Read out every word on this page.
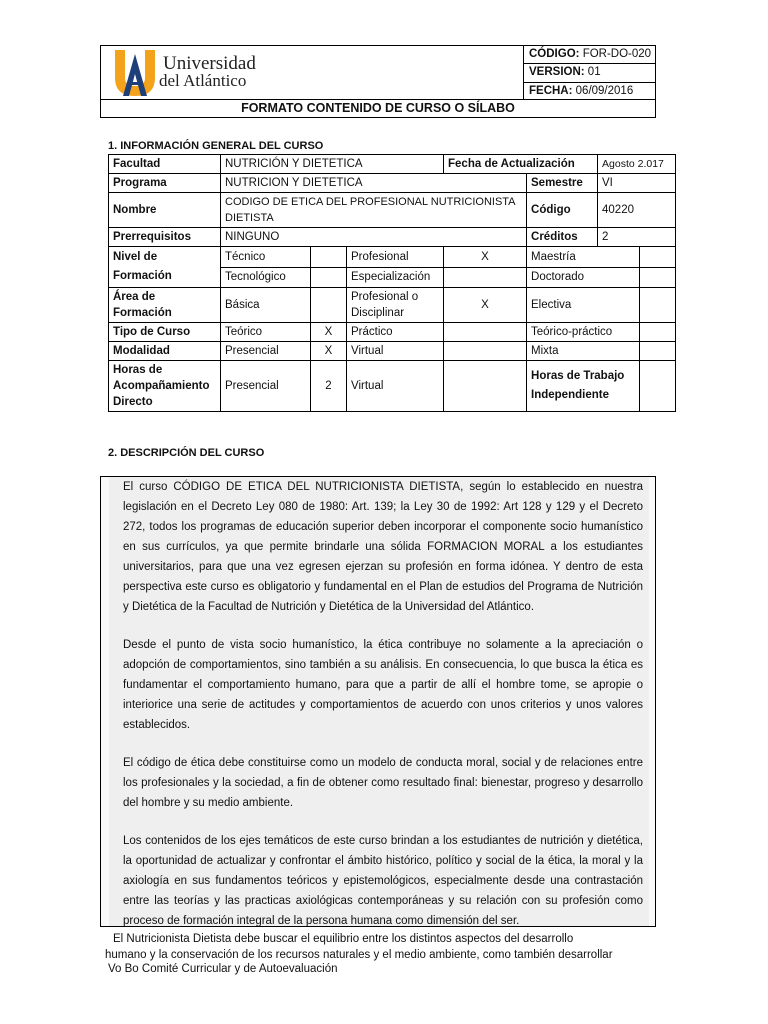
Universidad
del Atlántico
CÓDIGO: FOR-DO-020
VERSION: 01
FECHA: 06/09/2016
FORMATO CONTENIDO DE CURSO O SÍLABO
1. INFORMACIÓN GENERAL DEL CURSO
Facultad	NUTRICIÓN Y DIETETICA			Fecha de Actualización		Agosto 2.017	
Programa	NUTRICION Y DIETETICA				Semestre	VI	
Nombre	CODIGO DE ETICA DEL PROFESIONAL NUTRICIONISTA DIETISTA				Código	40220	
Prerrequisitos	NINGUNO				Créditos	2	
Nivel de Formación	Técnico		Profesional	X	Maestría		
	Tecnológico		Especialización		Doctorado		
Área de Formación	Básica		Profesional o Disciplinar	X	Electiva		
Tipo de Curso	Teórico	X	Práctico		Teórico-práctico		
Modalidad	Presencial	X	Virtual		Mixta		
Horas de Acompañamiento Directo	Presencial	2	Virtual		Horas de Trabajo Independiente		
2. DESCRIPCIÓN DEL CURSO

El curso CÓDIGO DE ETICA DEL NUTRICIONISTA DIETISTA, según lo establecido en nuestra legislación en el Decreto Ley 080 de 1980: Art. 139; la Ley 30 de 1992: Art 128 y 129 y el Decreto 272, todos los programas de educación superior deben incorporar el componente socio humanístico en sus currículos, ya que permite brindarle una sólida FORMACION MORAL a los estudiantes universitarios, para que una vez egresen ejerzan su profesión en forma idónea. Y dentro de esta perspectiva este curso es obligatorio y fundamental en el Plan de estudios del Programa de Nutrición y Dietética de la Facultad de Nutrición y Dietética de la Universidad del Atlántico.

Desde el punto de vista socio humanístico, la ética contribuye no solamente a la apreciación o adopción de comportamientos, sino también a su análisis. En consecuencia, lo que busca la ética es fundamentar el comportamiento humano, para que a partir de allí el hombre tome, se apropie o interiorice una serie de actitudes y comportamientos de acuerdo con unos criterios y unos valores establecidos.

El código de ética debe constituirse como un modelo de conducta moral, social y de relaciones entre los profesionales y la sociedad, a fin de obtener como resultado final: bienestar, progreso y desarrollo del hombre y su medio ambiente.

Los contenidos de los ejes temáticos de este curso brindan a los estudiantes de nutrición y dietética, la oportunidad de actualizar y confrontar el ámbito histórico, político y social de la ética, la moral y la axiología en sus fundamentos teóricos y epistemológicos, especialmente desde una contrastación entre las teorías y las practicas axiológicas contemporáneas y su relación con su profesión como proceso de formación integral de la persona humana como dimensión del ser.

El Nutricionista Dietista debe buscar el equilibrio entre los distintos aspectos del desarrollo

humano y la conservación de los recursos naturales y el medio ambiente, como también desarrollar

Vo Bo Comité Curricular y de Autoevaluación
